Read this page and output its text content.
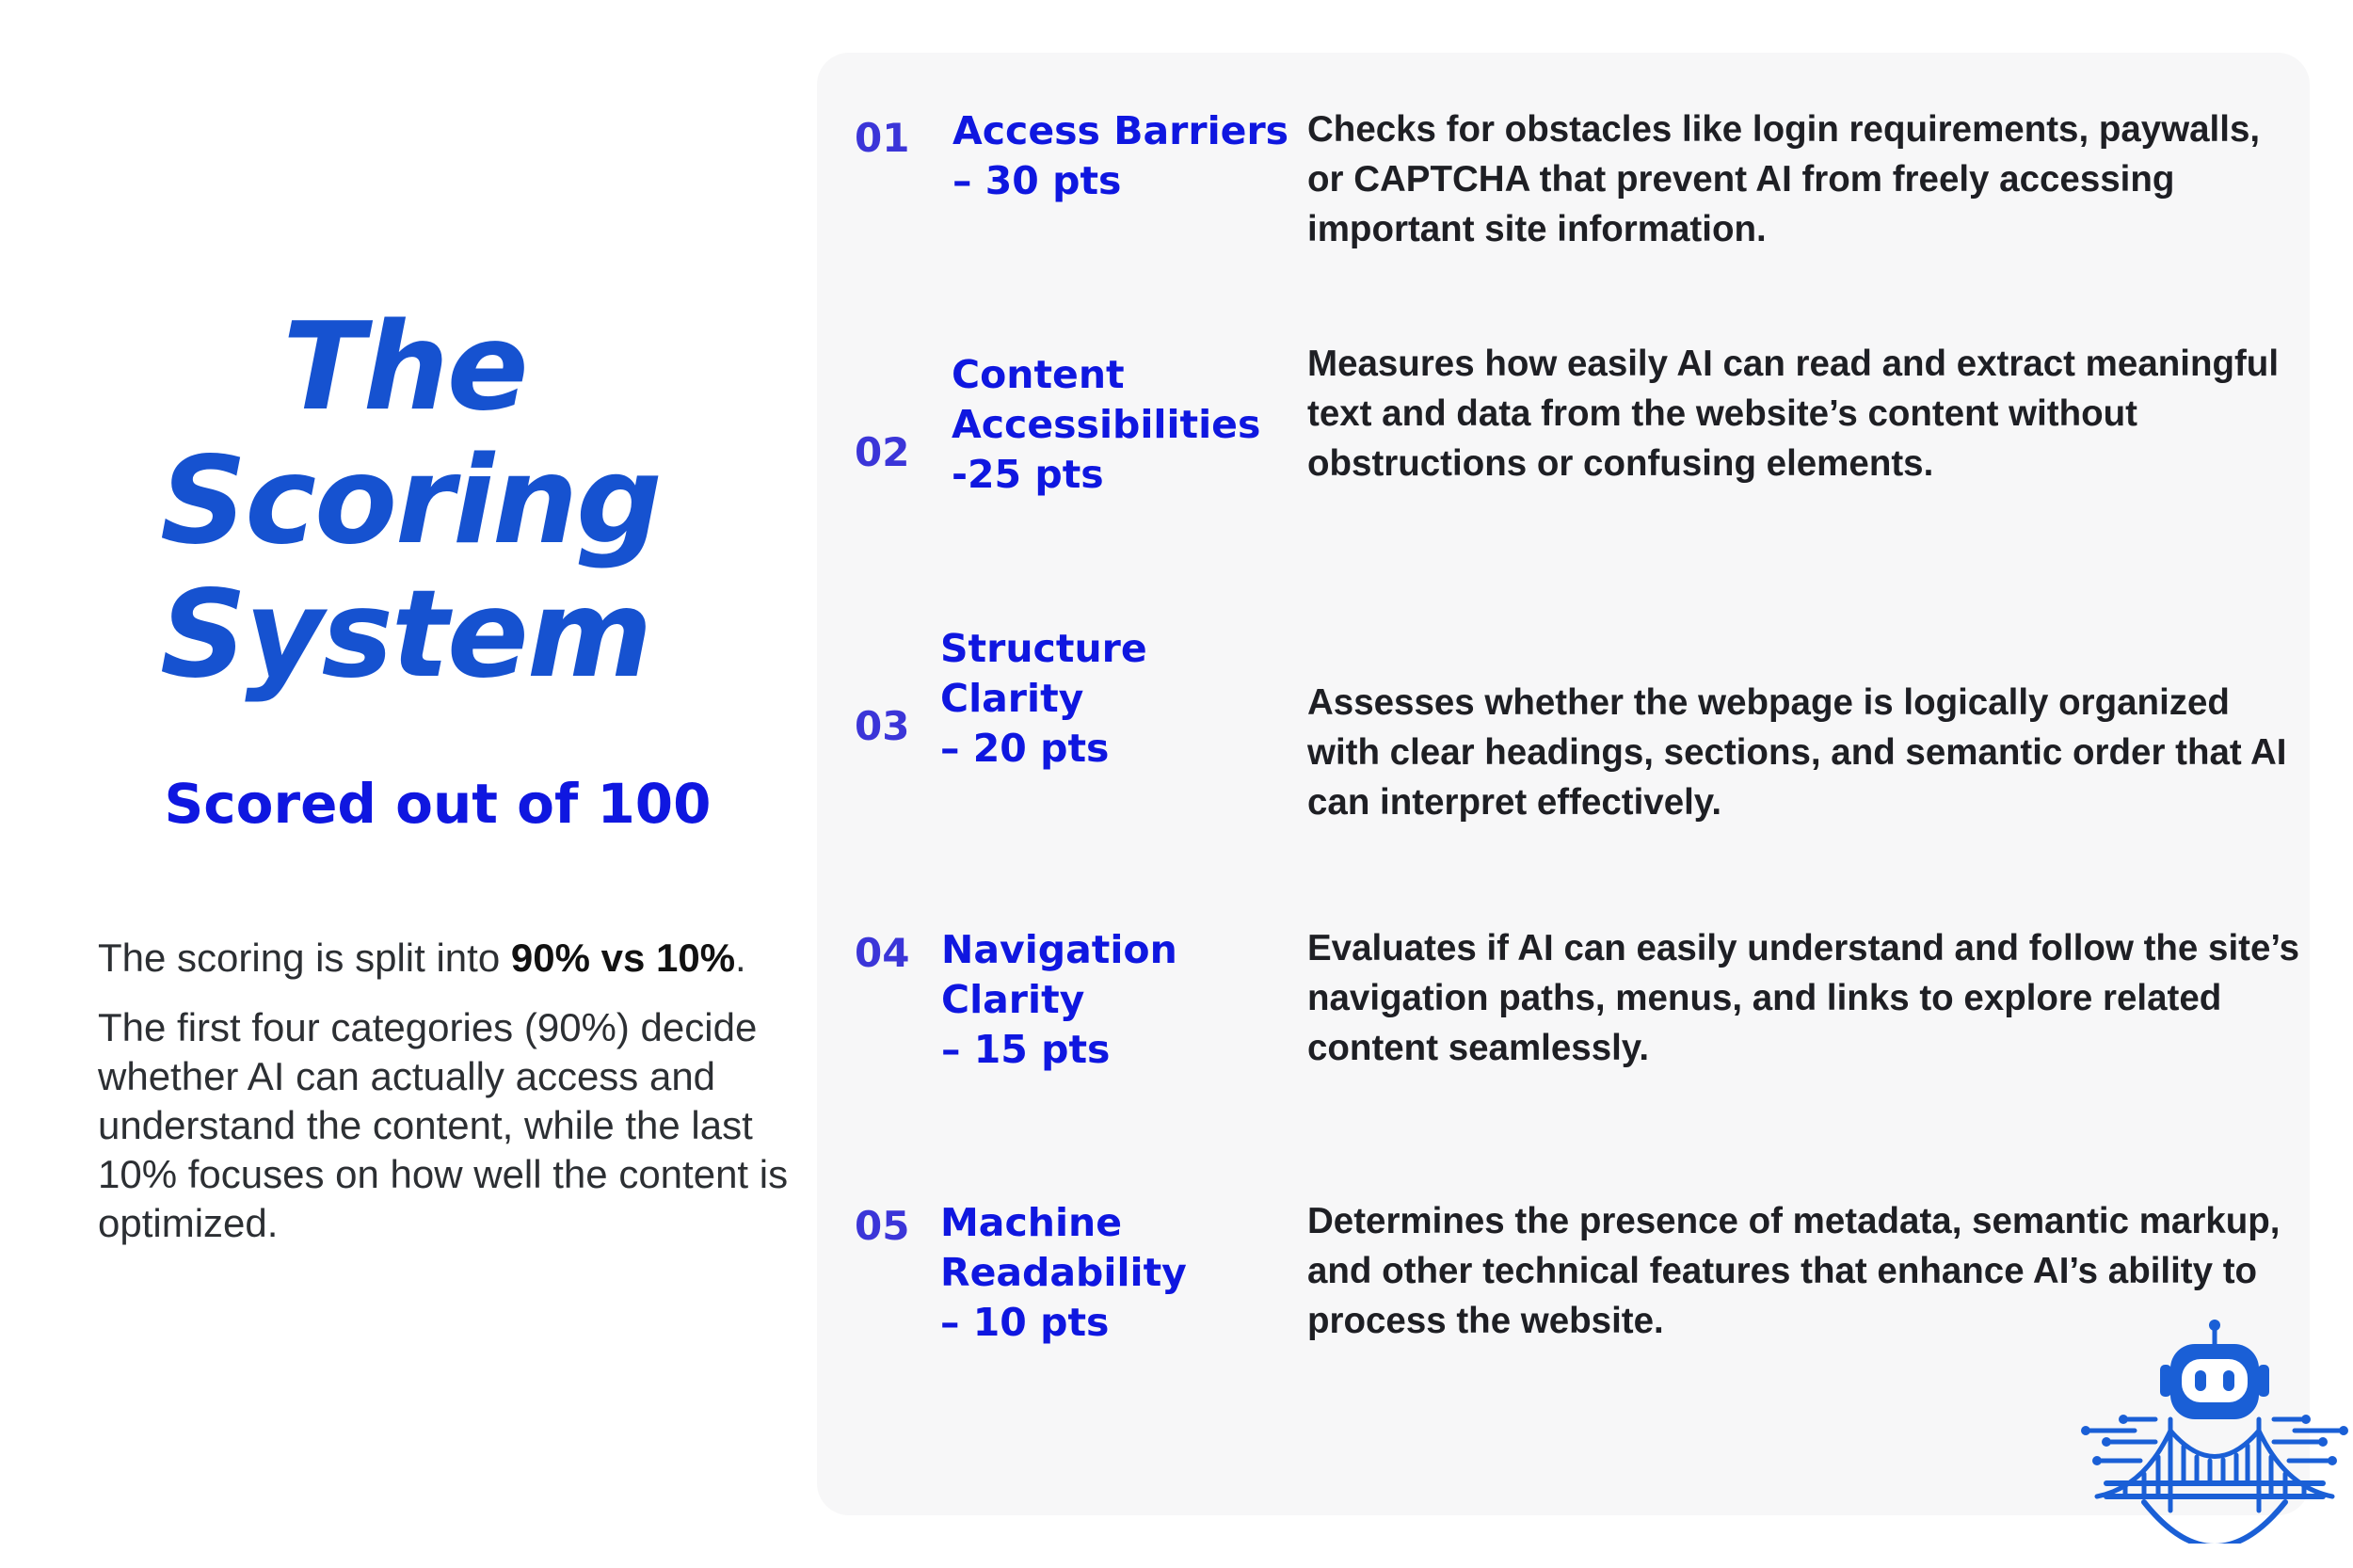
The
Scoring
System
Scored out of 100

The scoring is split into 90% vs 10%.

The first four categories (90%) decide whether AI can actually access and understand the content, while the last 10% focuses on how well the content is optimized.

01 Access Barriers
– 30 pts
Checks for obstacles like login requirements, paywalls, or CAPTCHA that prevent AI from freely accessing important site information.
02
Content
Accessibilities
-25 pts
Measures how easily AI can read and extract meaningful text and data from the website’s content without obstructions or confusing elements.
03
Structure
Clarity
– 20 pts
Assesses whether the webpage is logically organized with clear headings, sections, and semantic order that AI can interpret effectively.
04 Navigation
Clarity
– 15 pts
Evaluates if AI can easily understand and follow the site’s navigation paths, menus, and links to explore related content seamlessly.
05 Machine
Readability
– 10 pts
Determines the presence of metadata, semantic markup, and other technical features that enhance AI’s ability to process the website.
